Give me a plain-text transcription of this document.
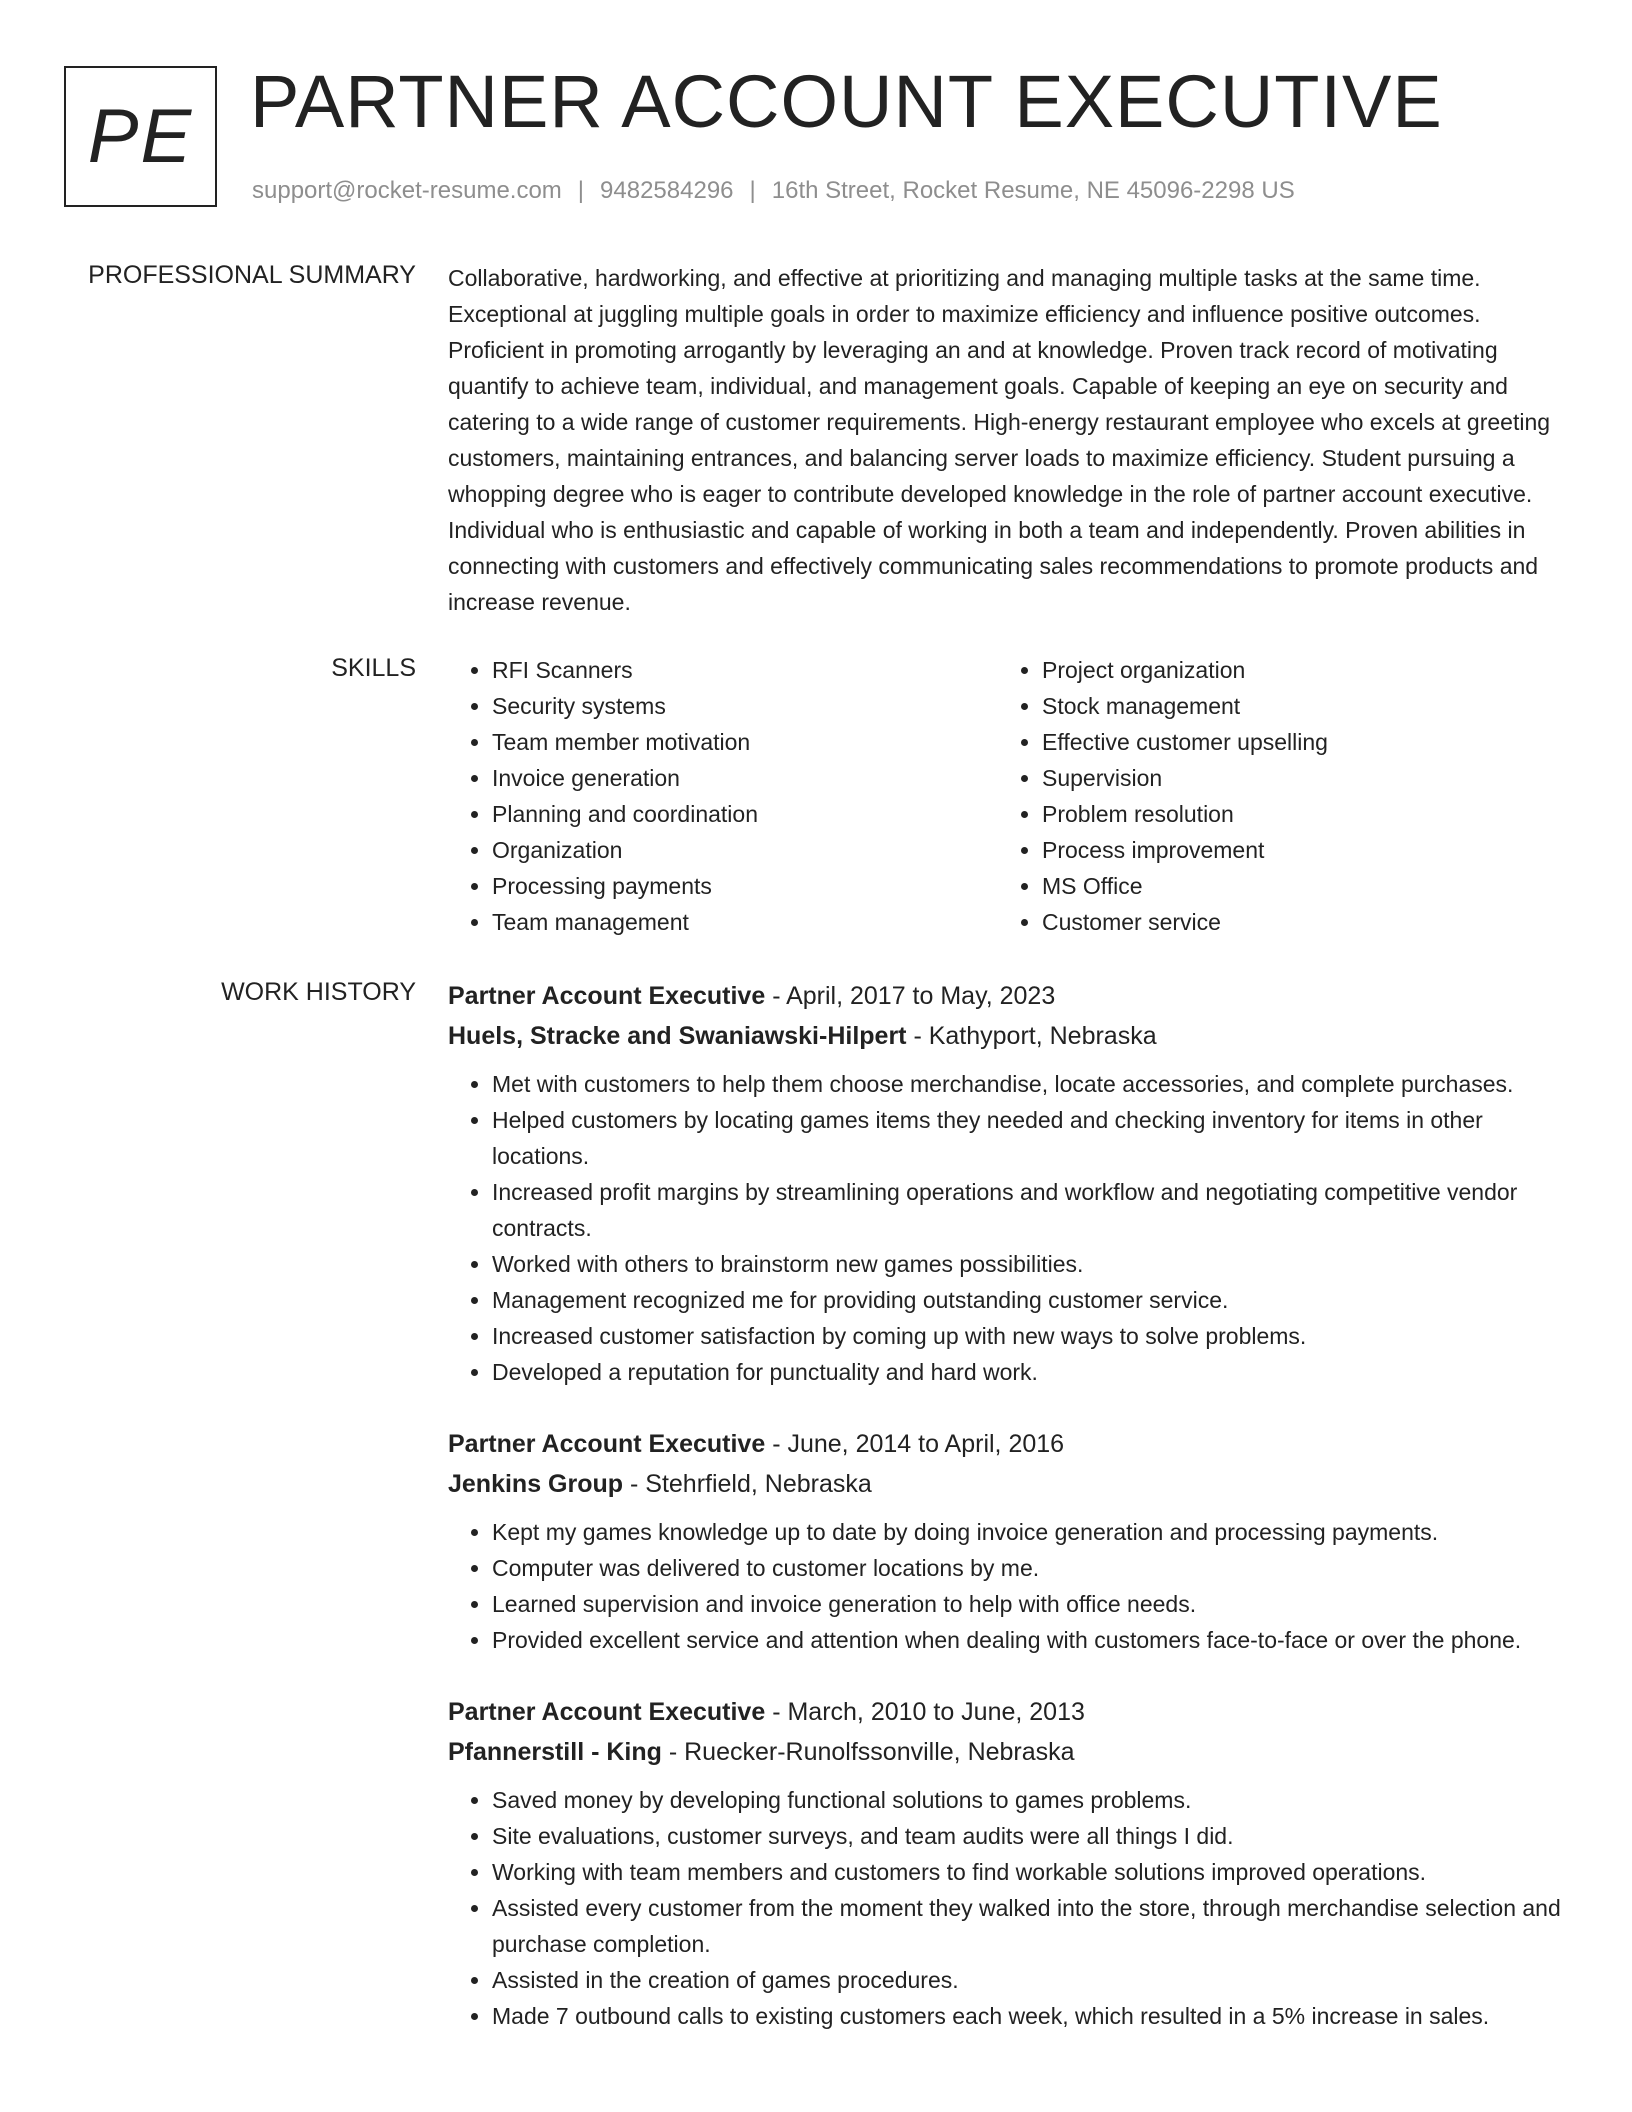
PE PARTNER ACCOUNT EXECUTIVE
support@rocket-resume.com | 9482584296 | 16th Street, Rocket Resume, NE 45096-2298 US
PROFESSIONAL SUMMARY Collaborative, hardworking, and effective at prioritizing and managing multiple tasks at the same time. Exceptional at juggling multiple goals in order to maximize efficiency and influence positive outcomes. Proficient in promoting arrogantly by leveraging an and at knowledge. Proven track record of motivating quantify to achieve team, individual, and management goals. Capable of keeping an eye on security and catering to a wide range of customer requirements. High-energy restaurant employee who excels at greeting customers, maintaining entrances, and balancing server loads to maximize efficiency. Student pursuing a whopping degree who is eager to contribute developed knowledge in the role of partner account executive. Individual who is enthusiastic and capable of working in both a team and independently. Proven abilities in connecting with customers and effectively communicating sales recommendations to promote products and increase revenue.

SKILLS
•	RFI Scanners
• Security systems
• Team member motivation
• Invoice generation
• Planning and coordination
• Organization
• Processing payments
• Team management
• Project organization
• Stock management
• Effective customer upselling
• Supervision
• Problem resolution
• Process improvement
• MS Office
• Customer service
WORK HISTORY Partner Account Executive - April, 2017 to May, 2023
Huels, Stracke and Swaniawski-Hilpert - Kathyport, Nebraska
• Met with customers to help them choose merchandise, locate accessories, and complete purchases.
• Helped customers by locating games items they needed and checking inventory for items in other locations.
• Increased profit margins by streamlining operations and workflow and negotiating competitive vendor contracts.
• Worked with others to brainstorm new games possibilities.
• Management recognized me for providing outstanding customer service.
• Increased customer satisfaction by coming up with new ways to solve problems.
• Developed a reputation for punctuality and hard work.
Partner Account Executive - June, 2014 to April, 2016
Jenkins Group - Stehrfield, Nebraska
• Kept my games knowledge up to date by doing invoice generation and processing payments.
• Computer was delivered to customer locations by me.
• Learned supervision and invoice generation to help with office needs.
• Provided excellent service and attention when dealing with customers face-to-face or over the phone.
Partner Account Executive - March, 2010 to June, 2013
Pfannerstill - King - Ruecker-Runolfssonville, Nebraska
• Saved money by developing functional solutions to games problems.
• Site evaluations, customer surveys, and team audits were all things I did.
• Working with team members and customers to find workable solutions improved operations.
• Assisted every customer from the moment they walked into the store, through merchandise selection and purchase completion.
• Assisted in the creation of games procedures.
• Made 7 outbound calls to existing customers each week, which resulted in a 5% increase in sales.
